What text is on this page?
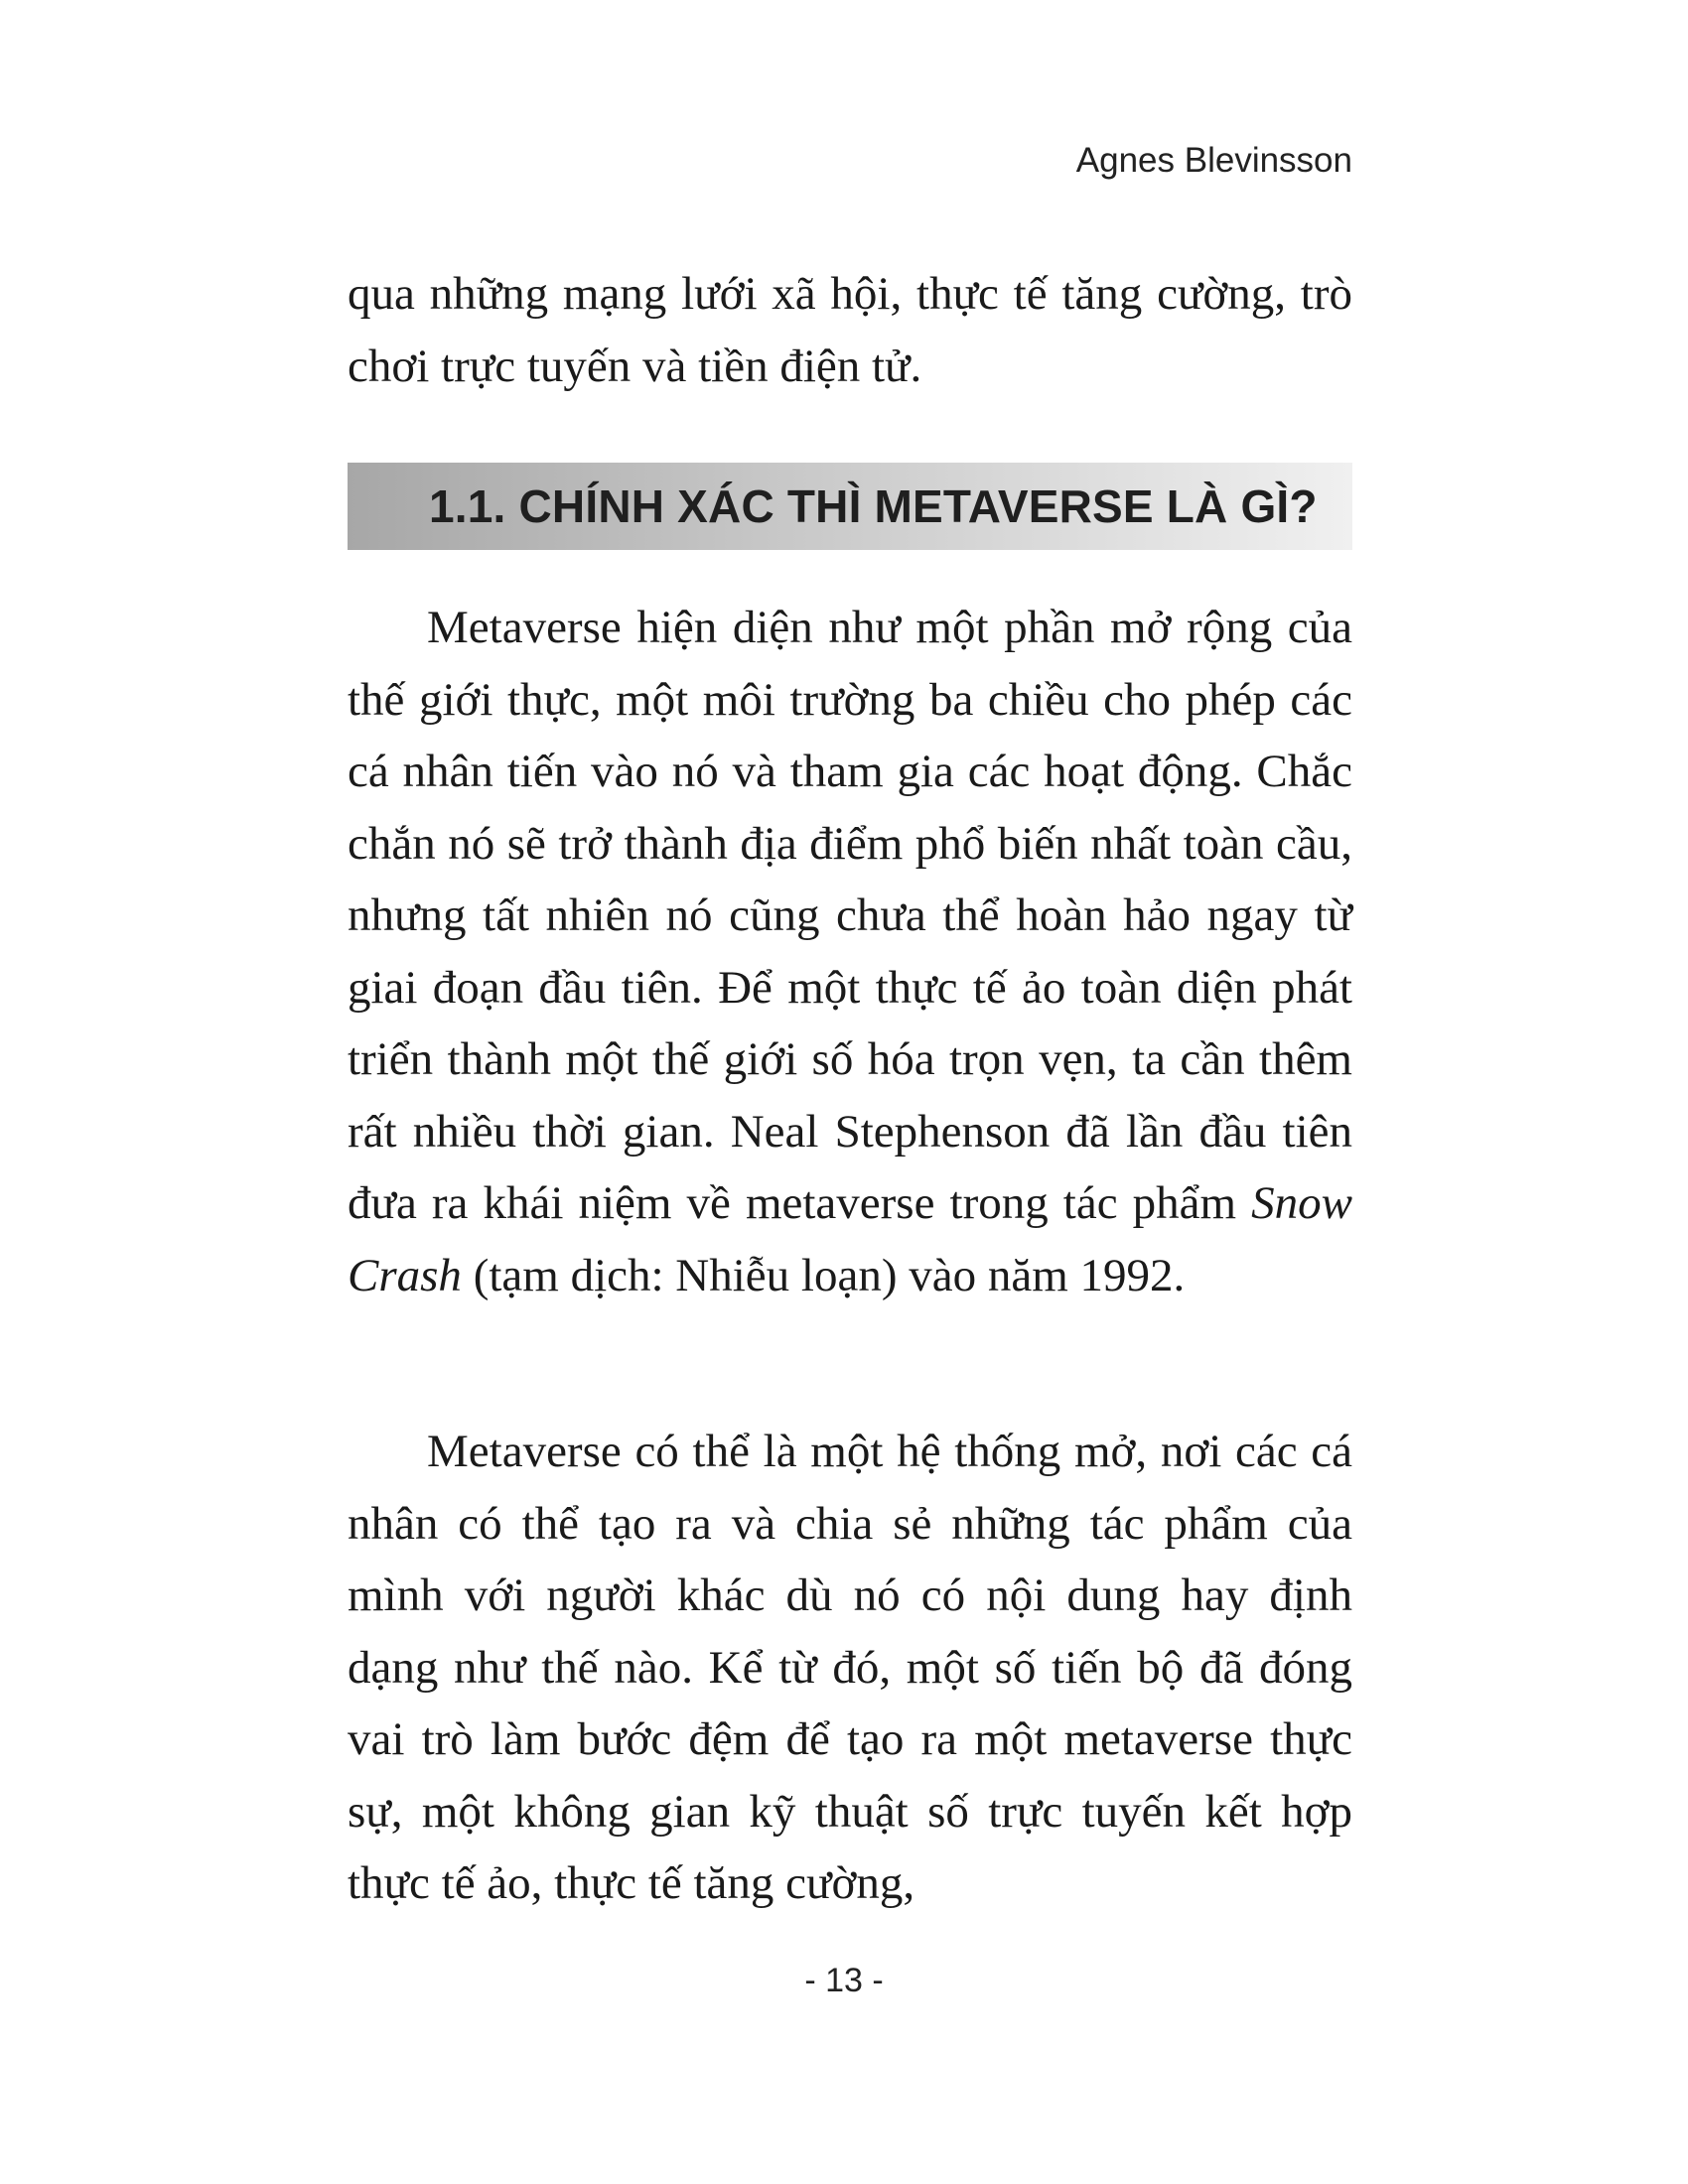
Agnes Blevinsson

qua những mạng lưới xã hội, thực tế tăng cường, trò chơi trực tuyến và tiền điện tử.

1.1. CHÍNH XÁC THÌ METAVERSE LÀ GÌ?

Metaverse hiện diện như một phần mở rộng của thế giới thực, một môi trường ba chiều cho phép các cá nhân tiến vào nó và tham gia các hoạt động. Chắc chắn nó sẽ trở thành địa điểm phổ biến nhất toàn cầu, nhưng tất nhiên nó cũng chưa thể hoàn hảo ngay từ giai đoạn đầu tiên. Để một thực tế ảo toàn diện phát triển thành một thế giới số hóa trọn vẹn, ta cần thêm rất nhiều thời gian. Neal Stephenson đã lần đầu tiên đưa ra khái niệm về metaverse trong tác phẩm Snow Crash (tạm dịch: Nhiễu loạn) vào năm 1992.

Metaverse có thể là một hệ thống mở, nơi các cá nhân có thể tạo ra và chia sẻ những tác phẩm của mình với người khác dù nó có nội dung hay định dạng như thế nào. Kể từ đó, một số tiến bộ đã đóng vai trò làm bước đệm để tạo ra một metaverse thực sự, một không gian kỹ thuật số trực tuyến kết hợp thực tế ảo, thực tế tăng cường,

- 13 -
